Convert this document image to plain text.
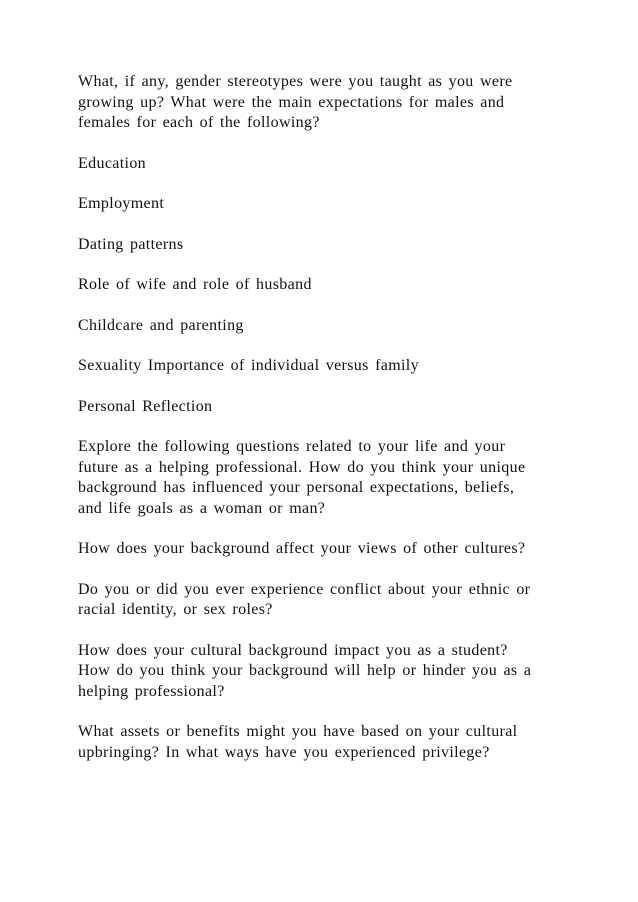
What, if any, gender stereotypes were you taught as you were
growing up? What were the main expectations for males and
females for each of the following?

Education

Employment

Dating patterns

Role of wife and role of husband

Childcare and parenting

Sexuality Importance of individual versus family

Personal Reflection

Explore the following questions related to your life and your
future as a helping professional. How do you think your unique
background has influenced your personal expectations, beliefs,
and life goals as a woman or man?

How does your background affect your views of other cultures?

Do you or did you ever experience conflict about your ethnic or
racial identity, or sex roles?

How does your cultural background impact you as a student?
How do you think your background will help or hinder you as a
helping professional?

What assets or benefits might you have based on your cultural
upbringing? In what ways have you experienced privilege?
